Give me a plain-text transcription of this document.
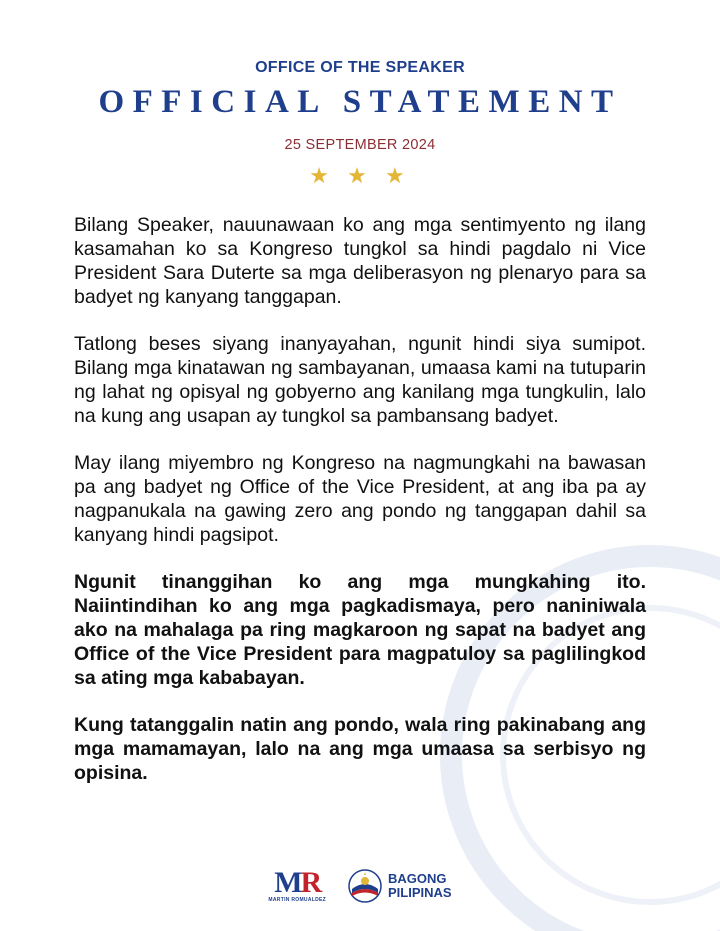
OFFICE OF THE SPEAKER
OFFICIAL STATEMENT
25 SEPTEMBER 2024
★ ★ ★

Bilang Speaker, nauunawaan ko ang mga sentimyento ng ilang kasamahan ko sa Kongreso tungkol sa hindi pagdalo ni Vice President Sara Duterte sa mga deliberasyon ng plenaryo para sa badyet ng kanyang tanggapan.

Tatlong beses siyang inanyayahan, ngunit hindi siya sumipot. Bilang mga kinatawan ng sambayanan, umaasa kami na tutuparin ng lahat ng opisyal ng gobyerno ang kanilang mga tungkulin, lalo na kung ang usapan ay tungkol sa pambansang badyet.

May ilang miyembro ng Kongreso na nagmungkahi na bawasan pa ang badyet ng Office of the Vice President, at ang iba pa ay nagpanukala na gawing zero ang pondo ng tanggapan dahil sa kanyang hindi pagsipot.

Ngunit tinanggihan ko ang mga mungkahing ito. Naiintindihan ko ang mga pagkadismaya, pero naniniwala ako na mahalaga pa ring magkaroon ng sapat na badyet ang Office of the Vice President para magpatuloy sa paglilingkod sa ating mga kababayan.

Kung tatanggalin natin ang pondo, wala ring pakinabang ang mga mamamayan, lalo na ang mga umaasa sa serbisyo ng opisina.

MR
MARTIN ROMUALDEZ
BAGONG
PILIPINAS
